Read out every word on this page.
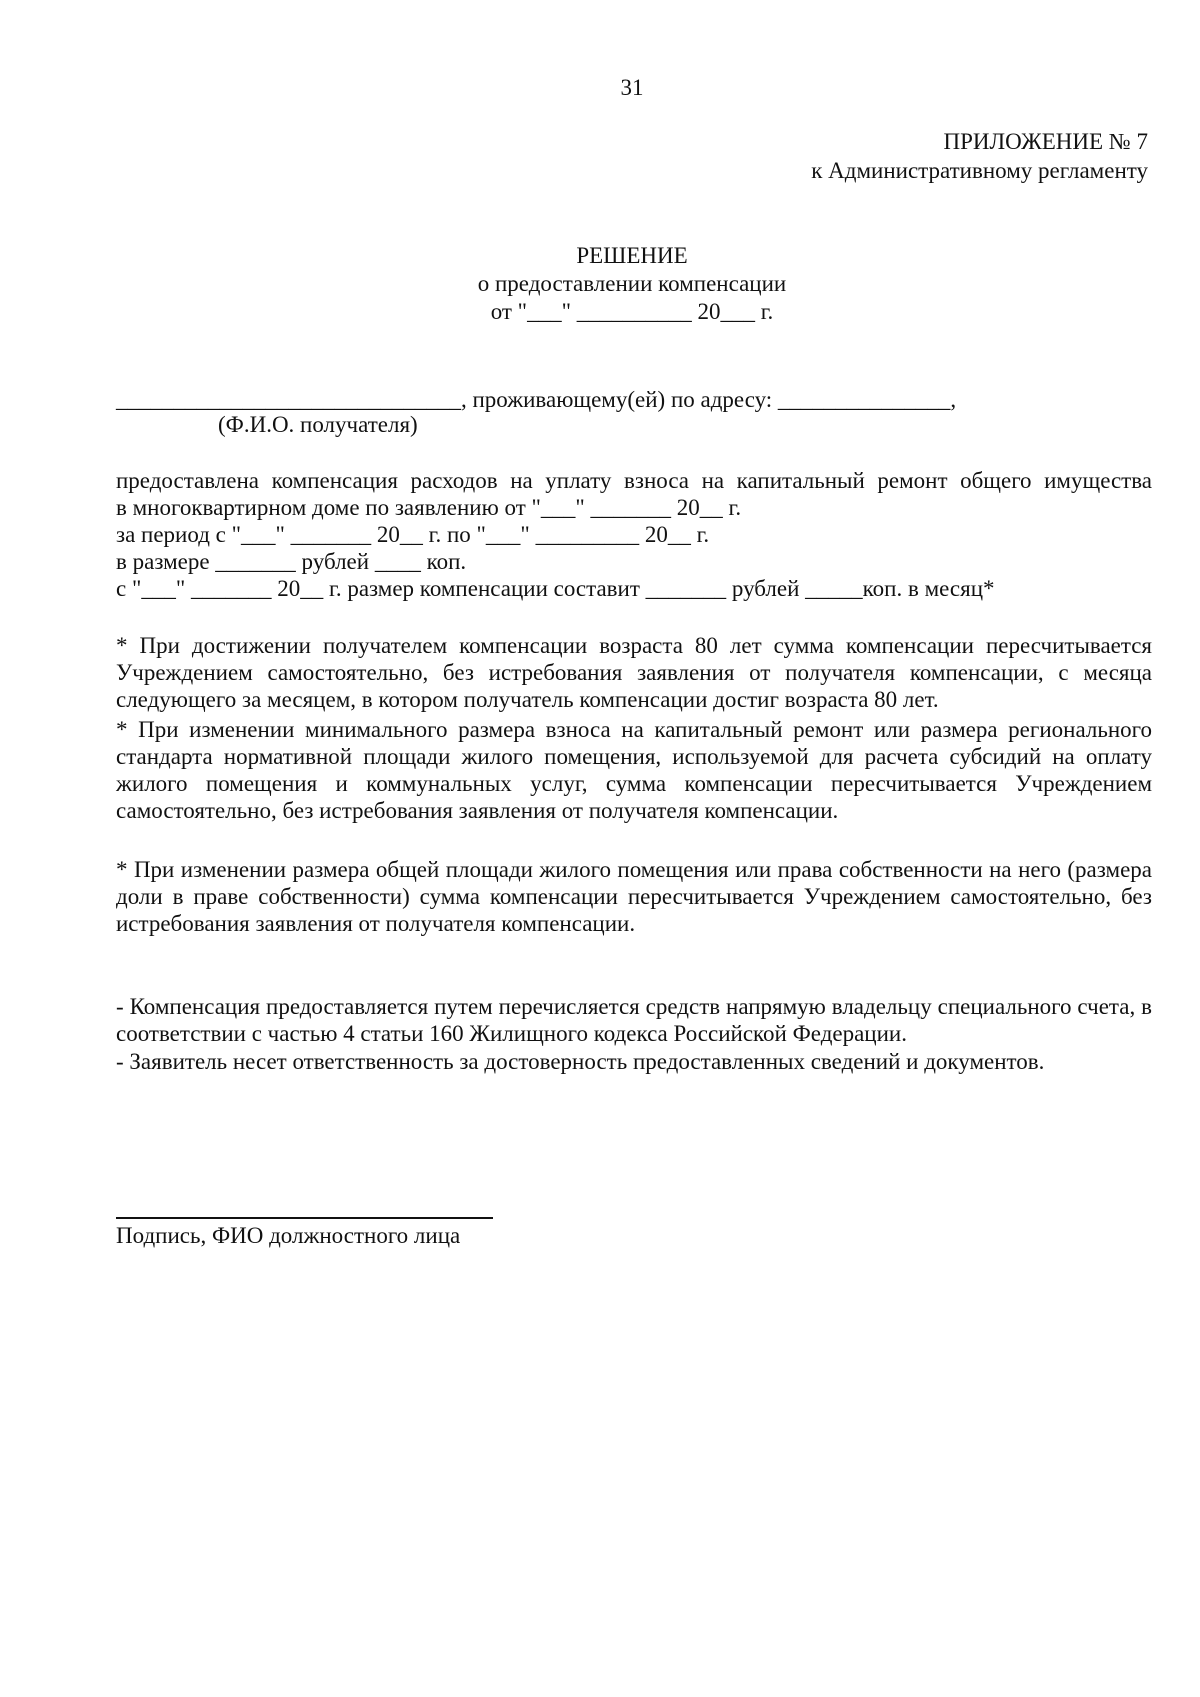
31
ПРИЛОЖЕНИЕ № 7
к Административному регламенту
РЕШЕНИЕ
о предоставлении компенсации
от "___" __________ 20___ г.
______________________________, проживающему(ей) по адресу: _______________,
(Ф.И.О. получателя)
предоставлена компенсация расходов на уплату взноса на капитальный ремонт общего имущества
в многоквартирном доме по заявлению от "___" _______ 20__ г.
за период с "___" _______ 20__ г. по "___" _________ 20__ г.
в размере _______ рублей ____ коп.
с "___" _______ 20__ г. размер компенсации составит _______ рублей _____коп. в месяц*
* При достижении получателем компенсации возраста 80 лет сумма компенсации пересчитывается Учреждением самостоятельно, без истребования заявления от получателя компенсации, с месяца следующего за месяцем, в котором получатель компенсации достиг возраста 80 лет.
* При изменении минимального размера взноса на капитальный ремонт или размера регионального стандарта нормативной площади жилого помещения, используемой для расчета субсидий на оплату жилого помещения и коммунальных услуг, сумма компенсации пересчитывается Учреждением самостоятельно, без истребования заявления от получателя компенсации.
* При изменении размера общей площади жилого помещения или права собственности на него (размера доли в праве собственности) сумма компенсации пересчитывается Учреждением самостоятельно, без истребования заявления от получателя компенсации.
- Компенсация предоставляется путем перечисляется средств напрямую владельцу специального счета, в соответствии с частью 4 статьи 160 Жилищного кодекса Российской Федерации.
- Заявитель несет ответственность за достоверность предоставленных сведений и документов.
Подпись, ФИО должностного лица
